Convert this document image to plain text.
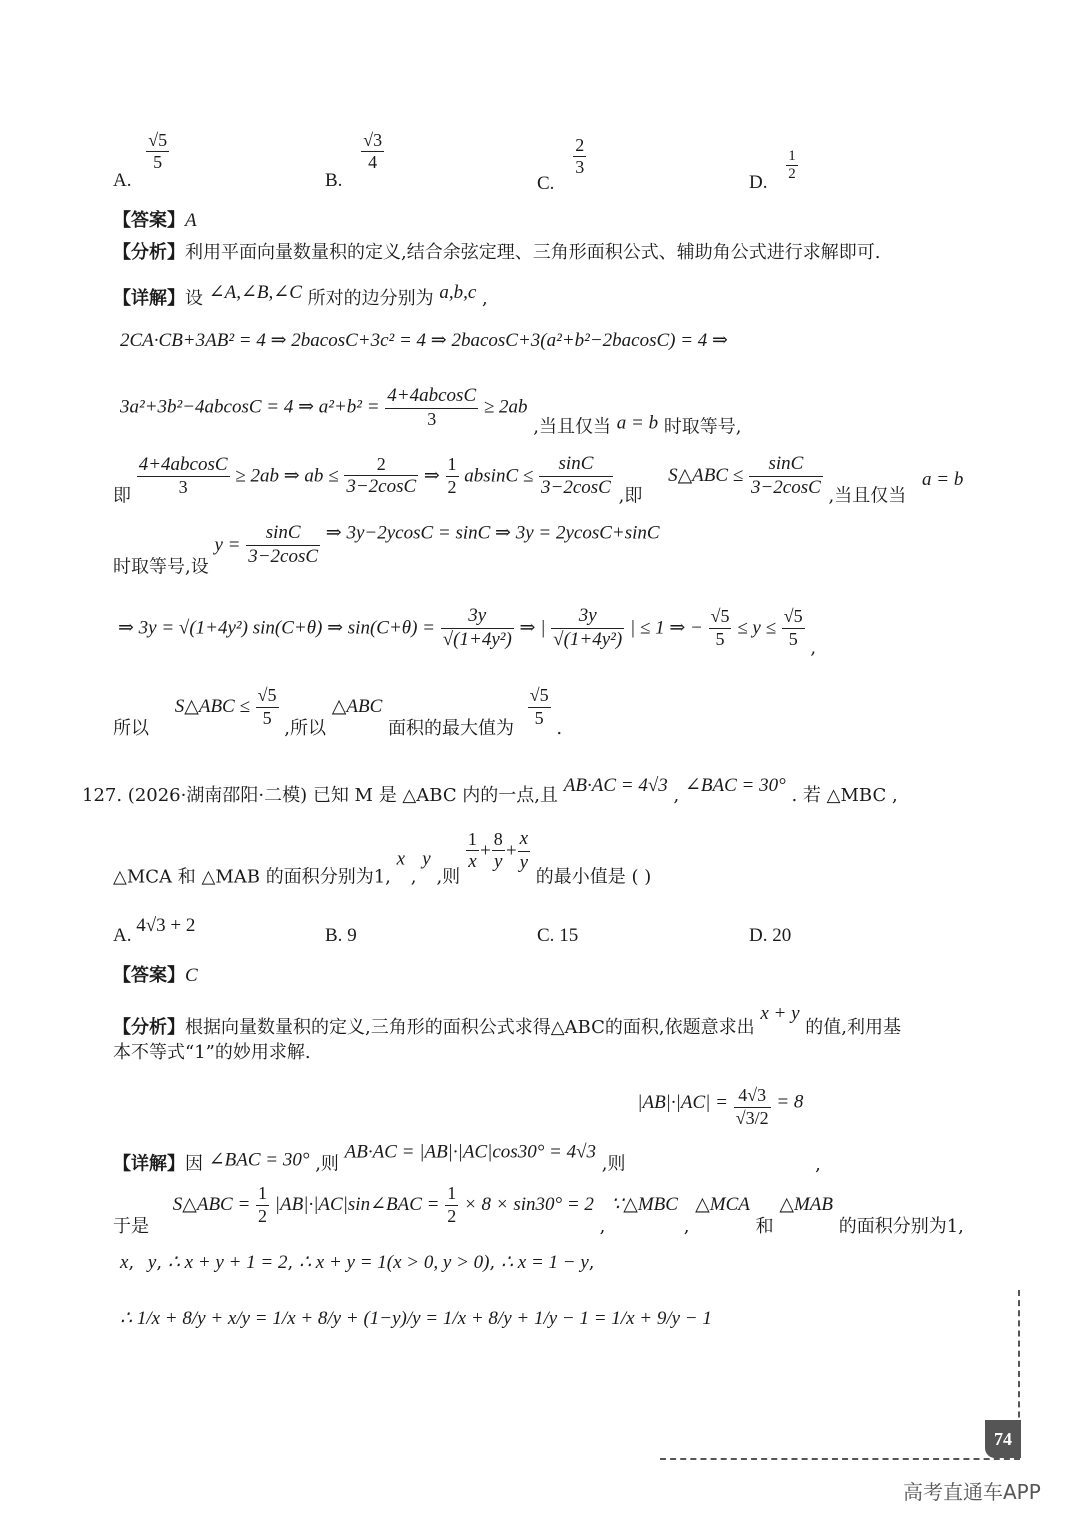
A.
$\frac{√5}{5}$
B.
$\frac{√3}{4}$
C.
$\frac{2}{3}$
D. $\frac{1}{2}$
【答案】A
【分析】利用平面向量数量积的定义,结合余弦定理、三角形面积公式、辅助角公式进行求解即可.
【详解】设 ∠A,∠B,∠C 所对的边分别为 a,b,c ,
2CA·CB+3AB² = 4 ⇒ 2bacosC+3c² = 4 ⇒ 2bacosC+3(a²+b²−2bacosC) = 4 ⇒
3a²+3b²−4abcosC = 4 ⇒ $a^2+b^2 = \frac{4+4abcosC}{3} \ge 2ab$ ,当且仅当 a = b 时取等号,
即 $\frac{4+4abcosC}{3} \ge 2ab$ ⇒ ab ≤ $\frac{2}{3-2\cos C}$ ⇒ $\frac{1}{2}$ $absinC \le \frac{\sin C}{3-2\cos C}$ ,即 S△ABC ≤ $\frac{\sin C}{3-2\cos C}$ ,当且仅当 a = b
时取等号,设 $y = \frac{\sin C}{3-2\cos C}$ ⇒ 3y−2ycosC = sinC ⇒ 3y = 2ycosC+sinC
⇒ 3y = √(1+4y²) sin(C+θ) ⇒ $\sin(C+\theta) = \frac{3y}{\text{√(1+4y²)}}$ ⇒ | $\frac{3y}{\text{√(1+4y²)}}$ | ≤ 1 ⇒ − $\frac{√5}{5} \le y \le \frac{√5}{5}$ ,
所以 S△ABC ≤ $\frac{√5}{5}$ ,所以 △ABC 面积的最大值为 $\frac{√5}{5}$ .
127. (2026·湖南邵阳·二模) 已知 M 是 △ABC 内的一点,且 AB·AC = 4√3 , ∠BAC = 30° . 若 △MBC ,
△MCA 和 △MAB 的面积分别为1, x , y ,则
$\frac{1}{x} + \frac{8}{y} + \frac{x}{y}$
的最小值是 ( )
A. 4√3 + 2	B. 9	C. 15	D. 20
【答案】C
【分析】根据向量数量积的定义,三角形的面积公式求得△ABC的面积,依题意求出 x + y 的值,利用基
本不等式“1”的妙用求解.
【详解】因 ∠BAC = 30° ,则 AB·AC = |AB|·|AC|cos30° = 4√3 ,则 $|AB|\cdot|AC| = \frac{4√3}{√3/2} = 8$ ,
于是 S△ABC = $\frac{1}{2}$ |AB|·|AC|sin∠BAC = $\frac{1}{2} \times 8 \times \sin 30^\circ = 2$ , ∵△MBC , △MCA 和 △MAB 的面积分别为1,
x, y, ∴ x + y + 1 = 2, ∴ x + y = 1(x > 0, y > 0), ∴ x = 1 − y,
∴ 1/x + 8/y + x/y = 1/x + 8/y + (1−y)/y = 1/x + 8/y + 1/y − 1 = 1/x + 9/y − 1
74
高考直通车APP
